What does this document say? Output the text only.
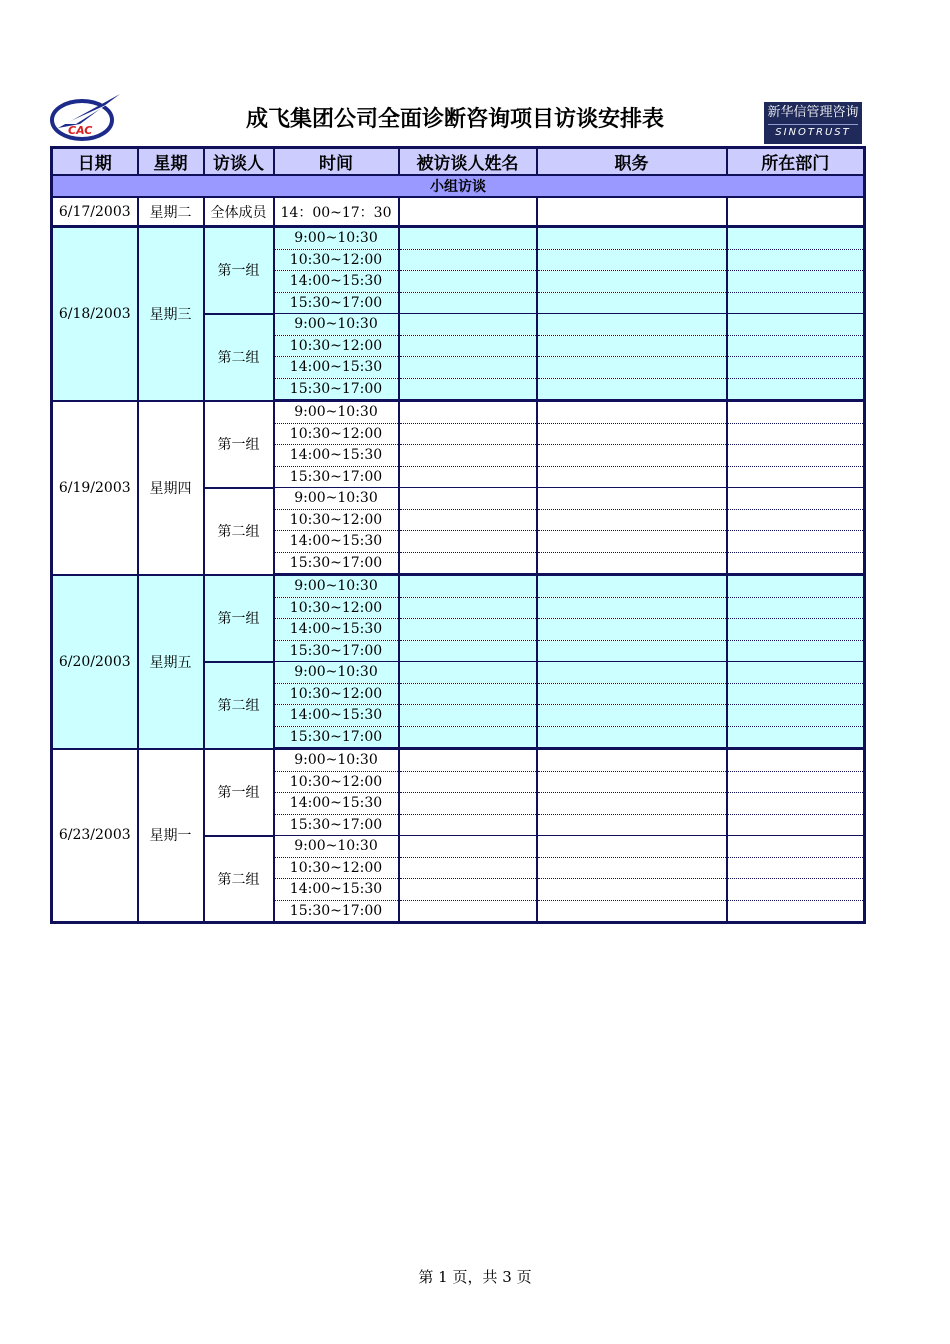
CAC	成飞集团公司全面诊断咨询项目访谈安排表	新华信管理咨询
SINOTRUST
日期	星期	访谈人	时间	被访谈人姓名	职务	所在部门
小组访谈						
6/17/2003	星期二	全体成员	14：00~17：30			
6/18/2003	星期三	第一组	9:00~10:30			
			10:30~12:00			
			14:00~15:30			
			15:30~17:00			
		第二组	9:00~10:30			
			10:30~12:00			
			14:00~15:30			
			15:30~17:00			
6/19/2003	星期四	第一组	9:00~10:30			
			10:30~12:00			
			14:00~15:30			
			15:30~17:00			
		第二组	9:00~10:30			
			10:30~12:00			
			14:00~15:30			
			15:30~17:00			
6/20/2003	星期五	第一组	9:00~10:30			
			10:30~12:00			
			14:00~15:30			
			15:30~17:00			
		第二组	9:00~10:30			
			10:30~12:00			
			14:00~15:30			
			15:30~17:00			
6/23/2003	星期一	第一组	9:00~10:30			
			10:30~12:00			
			14:00~15:30			
			15:30~17:00			
		第二组	9:00~10:30			
			10:30~12:00			
			14:00~15:30			
			15:30~17:00			
第 1 页，共 3 页
